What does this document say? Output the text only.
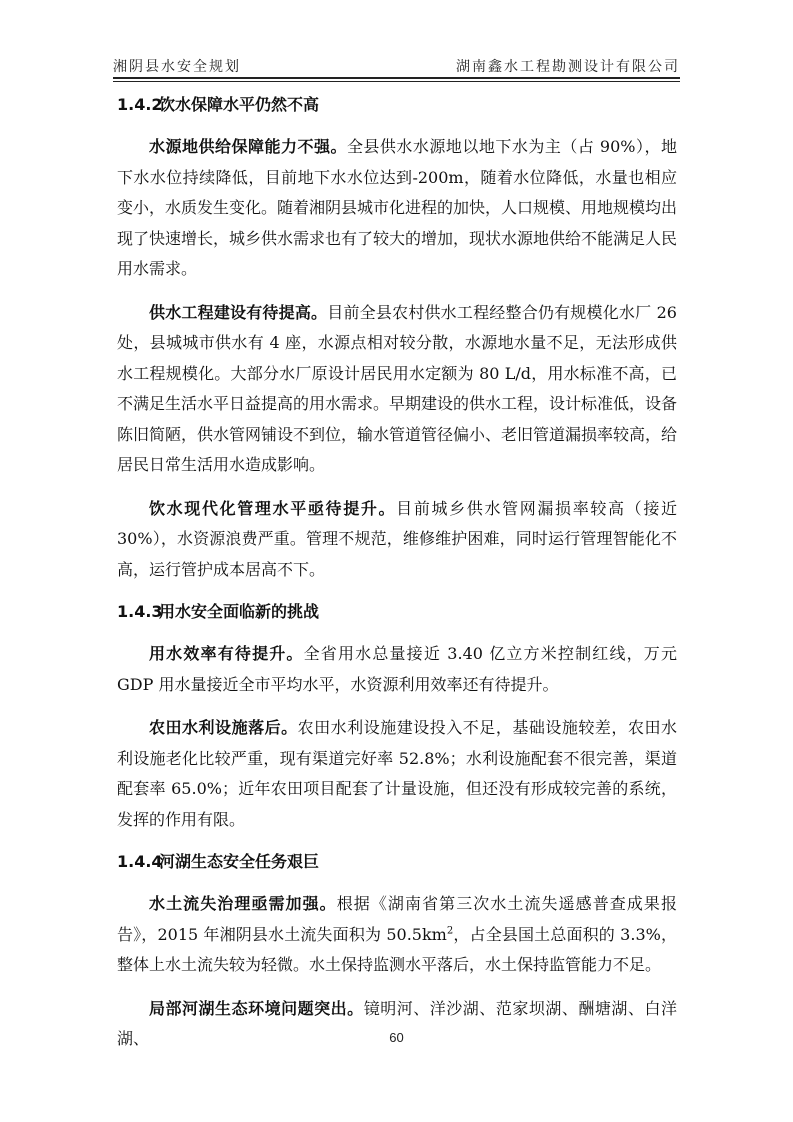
湘阴县水安全规划	湖南鑫水工程勘测设计有限公司
1.4.2饮水保障水平仍然不高

水源地供给保障能力不强。全县供水水源地以地下水为主（占 90%），地下水水位持续降低，目前地下水水位达到-200m，随着水位降低，水量也相应变小，水质发生变化。随着湘阴县城市化进程的加快，人口规模、用地规模均出现了快速增长，城乡供水需求也有了较大的增加，现状水源地供给不能满足人民用水需求。

供水工程建设有待提高。目前全县农村供水工程经整合仍有规模化水厂 26 处，县城城市供水有 4 座，水源点相对较分散，水源地水量不足，无法形成供水工程规模化。大部分水厂原设计居民用水定额为 80 L/d，用水标准不高，已不满足生活水平日益提高的用水需求。早期建设的供水工程，设计标准低，设备陈旧简陋，供水管网铺设不到位，输水管道管径偏小、老旧管道漏损率较高，给居民日常生活用水造成影响。

饮水现代化管理水平亟待提升。目前城乡供水管网漏损率较高（接近 30%），水资源浪费严重。管理不规范，维修维护困难，同时运行管理智能化不高，运行管护成本居高不下。

1.4.3用水安全面临新的挑战

用水效率有待提升。全省用水总量接近 3.40 亿立方米控制红线，万元 GDP 用水量接近全市平均水平，水资源利用效率还有待提升。

农田水利设施落后。农田水利设施建设投入不足，基础设施较差，农田水利设施老化比较严重，现有渠道完好率 52.8%；水利设施配套不很完善，渠道配套率 65.0%；近年农田项目配套了计量设施，但还没有形成较完善的系统，发挥的作用有限。

1.4.4河湖生态安全任务艰巨

水土流失治理亟需加强。根据《湖南省第三次水土流失遥感普查成果报告》，2015 年湘阴县水土流失面积为 $50.5km^2$，占全县国土总面积的 3.3%，整体上水土流失较为轻微。水土保持监测水平落后，水土保持监管能力不足。

局部河湖生态环境问题突出。镜明河、洋沙湖、范家坝湖、酬塘湖、白洋湖、	60
